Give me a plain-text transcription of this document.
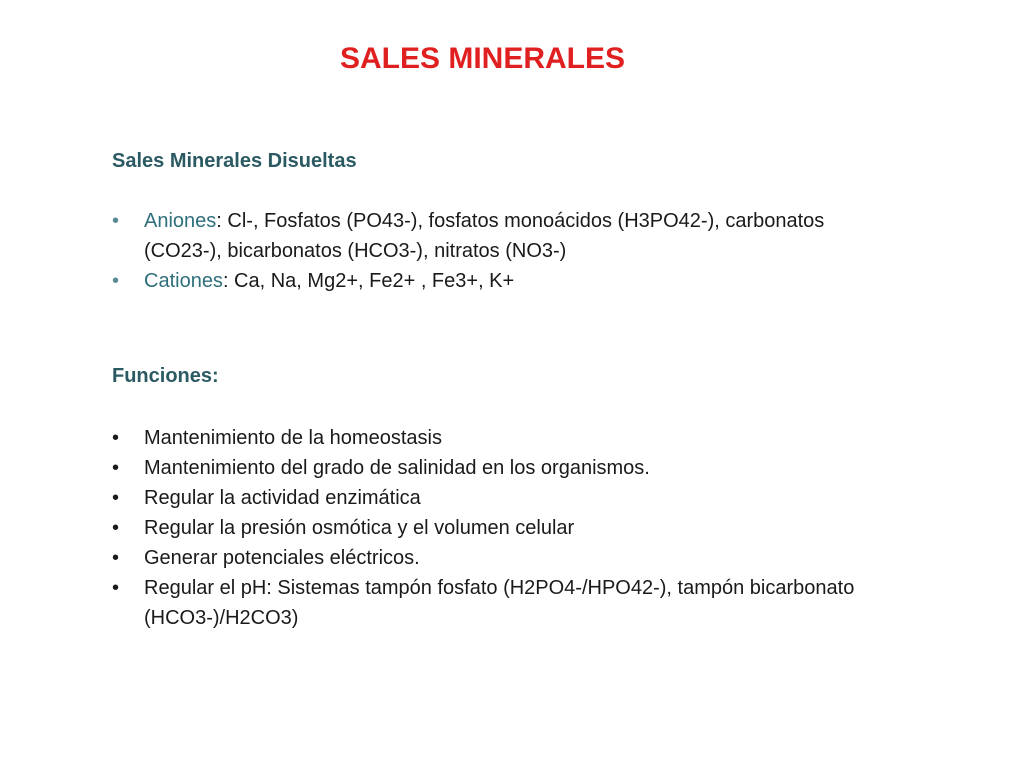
SALES MINERALES
Sales Minerales Disueltas
• Aniones: Cl-, Fosfatos (PO43-), fosfatos monoácidos (H3PO42-), carbonatos (CO23-), bicarbonatos (HCO3-), nitratos (NO3-)
• Cationes: Ca, Na, Mg2+, Fe2+ , Fe3+, K+
Funciones:
• Mantenimiento de la homeostasis
• Mantenimiento del grado de salinidad en los organismos.
• Regular la actividad enzimática
• Regular la presión osmótica y el volumen celular
• Generar potenciales eléctricos.
• Regular el pH: Sistemas tampón fosfato (H2PO4-/HPO42-), tampón bicarbonato (HCO3-)/H2CO3)
